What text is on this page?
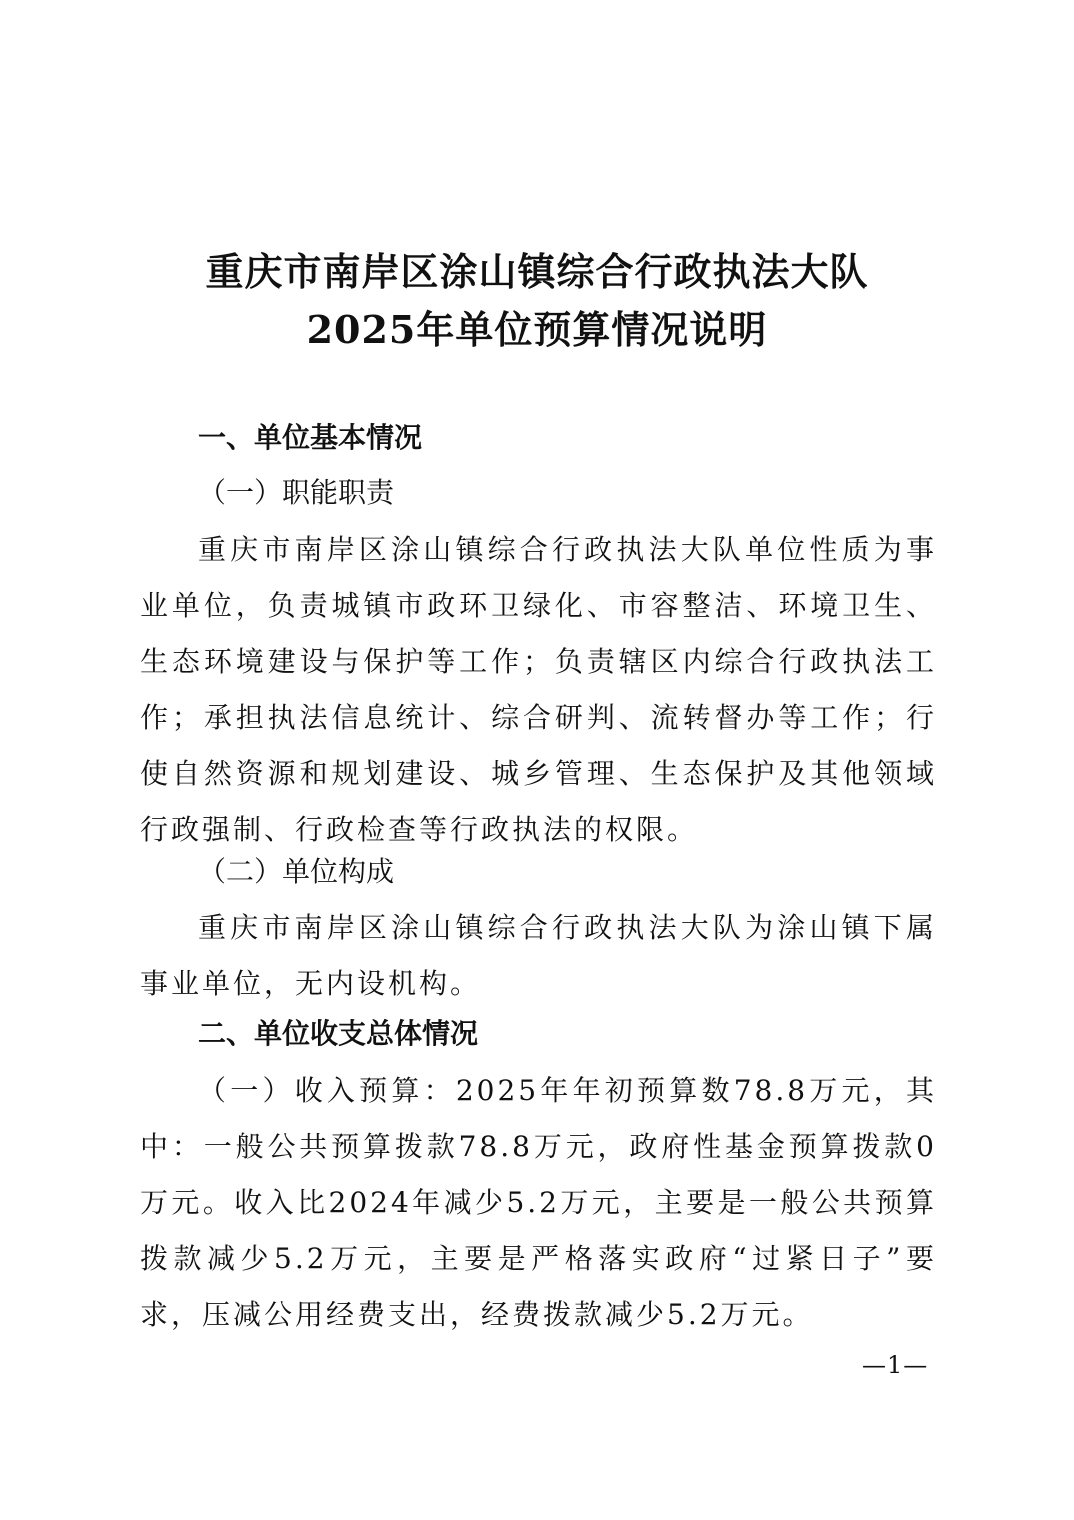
重庆市南岸区涂山镇综合行政执法大队
2025年单位预算情况说明
一、单位基本情况
（一）职能职责

重庆市南岸区涂山镇综合行政执法大队单位性质为事业单位，负责城镇市政环卫绿化、市容整洁、环境卫生、生态环境建设与保护等工作；负责辖区内综合行政执法工作；承担执法信息统计、综合研判、流转督办等工作；行使自然资源和规划建设、城乡管理、生态保护及其他领域行政强制、行政检查等行政执法的权限。

（二）单位构成

重庆市南岸区涂山镇综合行政执法大队为涂山镇下属事业单位，无内设机构。

二、单位收支总体情况

（一）收入预算：2025年年初预算数78.8万元，其中：一般公共预算拨款78.8万元，政府性基金预算拨款0万元。收入比2024年减少5.2万元，主要是一般公共预算拨款减少5.2万元，主要是严格落实政府“过紧日子”要求，压减公用经费支出，经费拨款减少5.2万元。

—1—
